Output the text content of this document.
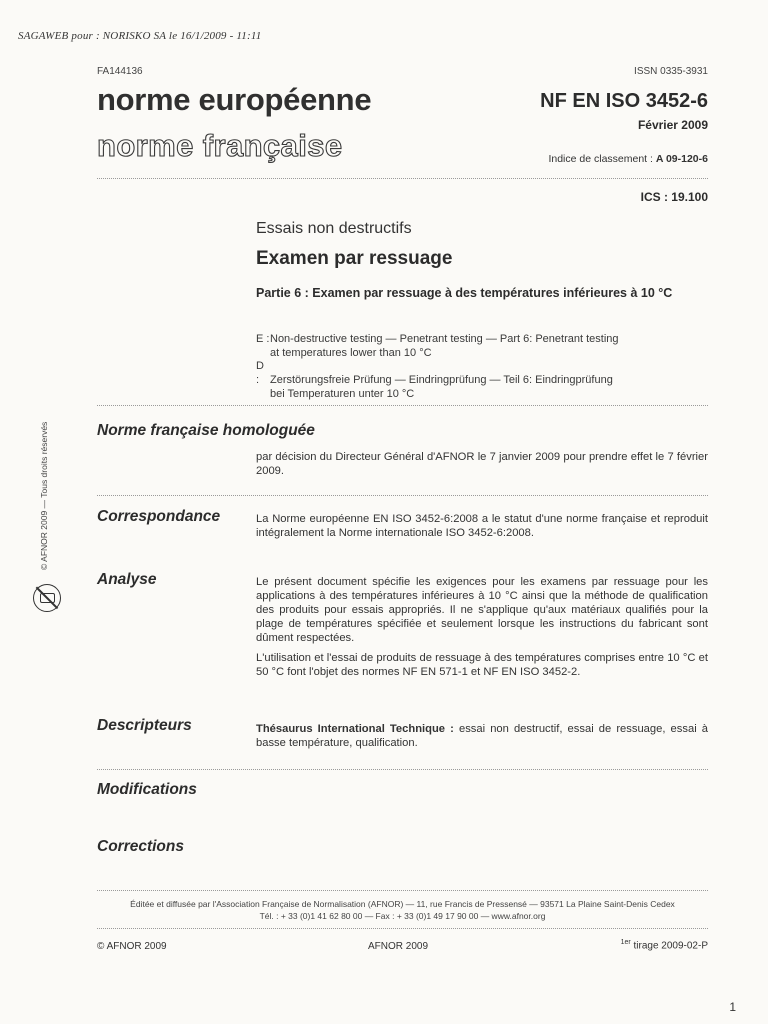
SAGAWEB pour : NORISKO SA le 16/1/2009 - 11:11
FA144136	ISSN 0335-3931
norme européenne
norme française
NF EN ISO 3452-6
Février 2009
Indice de classement : A 09-120-6
ICS : 19.100
Essais non destructifs
Examen par ressuage
Partie 6 : Examen par ressuage à des températures inférieures à 10 °C
E :Non-destructive testing — Penetrant testing — Part 6: Penetrant testing
at temperatures lower than 10 °C
D : Zerstörungsfreie Prüfung — Eindringprüfung — Teil 6: Eindringprüfung
bei Temperaturen unter 10 °C
© AFNOR 2009 — Tous droits réservés	Norme française homologuée

par décision du Directeur Général d'AFNOR le 7 janvier 2009 pour prendre effet le 7 février 2009.

Correspondance	La Norme européenne EN ISO 3452-6:2008 a le statut d'une norme française et reproduit intégralement la Norme internationale ISO 3452-6:2008.

Analyse	Le présent document spécifie les exigences pour les examens par ressuage pour les applications à des températures inférieures à 10 °C ainsi que la méthode de qualification des produits pour essais appropriés. Il ne s'applique qu'aux matériaux qualifiés pour la plage de températures spécifiée et seulement lorsque les instructions du fabricant sont dûment respectées.

L'utilisation et l'essai de produits de ressuage à des températures comprises entre 10 °C et 50 °C font l'objet des normes NF EN 571-1 et NF EN ISO 3452-2.

Descripteurs	Thésaurus International Technique : essai non destructif, essai de ressuage, essai à basse température, qualification.

Modifications
Corrections
Éditée et diffusée par l'Association Française de Normalisation (AFNOR) — 11, rue Francis de Pressensé — 93571 La Plaine Saint-Denis Cedex
Tél. : + 33 (0)1 41 62 80 00 — Fax : + 33 (0)1 49 17 90 00 — www.afnor.org
© AFNOR 2009	AFNOR 2009	$^{1er}$ tirage 2009-02-P
1
